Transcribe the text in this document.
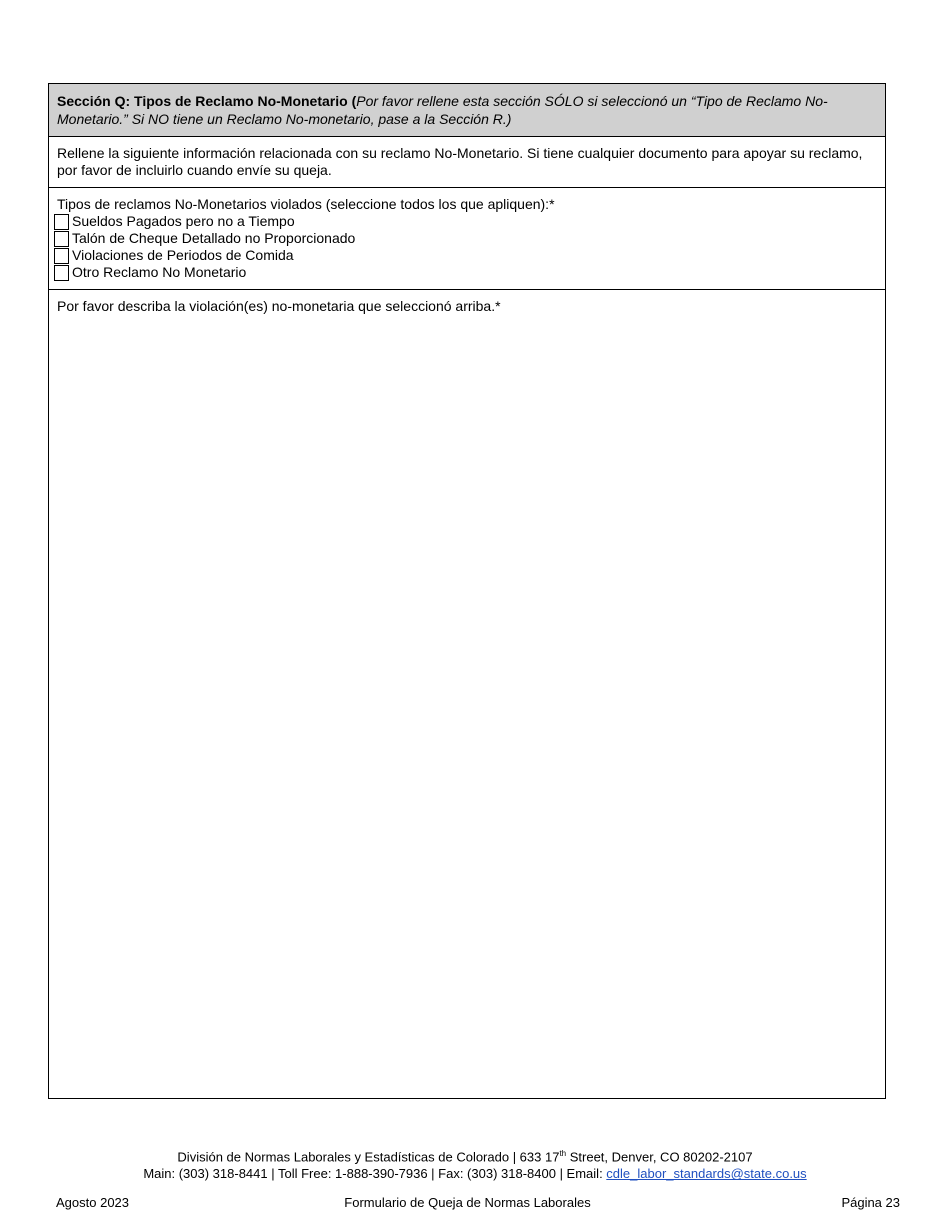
Sección Q: Tipos de Reclamo No-Monetario (Por favor rellene esta sección SÓLO si seleccionó un “Tipo de Reclamo No-Monetario.” Si NO tiene un Reclamo No-monetario, pase a la Sección R.)
Rellene la siguiente información relacionada con su reclamo No-Monetario. Si tiene cualquier documento para apoyar su reclamo, por favor de incluirlo cuando envíe su queja.
Tipos de reclamos No-Monetarios violados (seleccione todos los que apliquen):*
Sueldos Pagados pero no a Tiempo
Talón de Cheque Detallado no Proporcionado
Violaciones de Periodos de Comida
Otro Reclamo No Monetario
Por favor describa la violación(es) no-monetaria que seleccionó arriba.*
División de Normas Laborales y Estadísticas de Colorado | 633 17th Street, Denver, CO 80202-2107
Main: (303) 318-8441 | Toll Free: 1-888-390-7936 | Fax: (303) 318-8400 | Email: cdle_labor_standards@state.co.us
Agosto 2023	Formulario de Queja de Normas Laborales	Página 23
